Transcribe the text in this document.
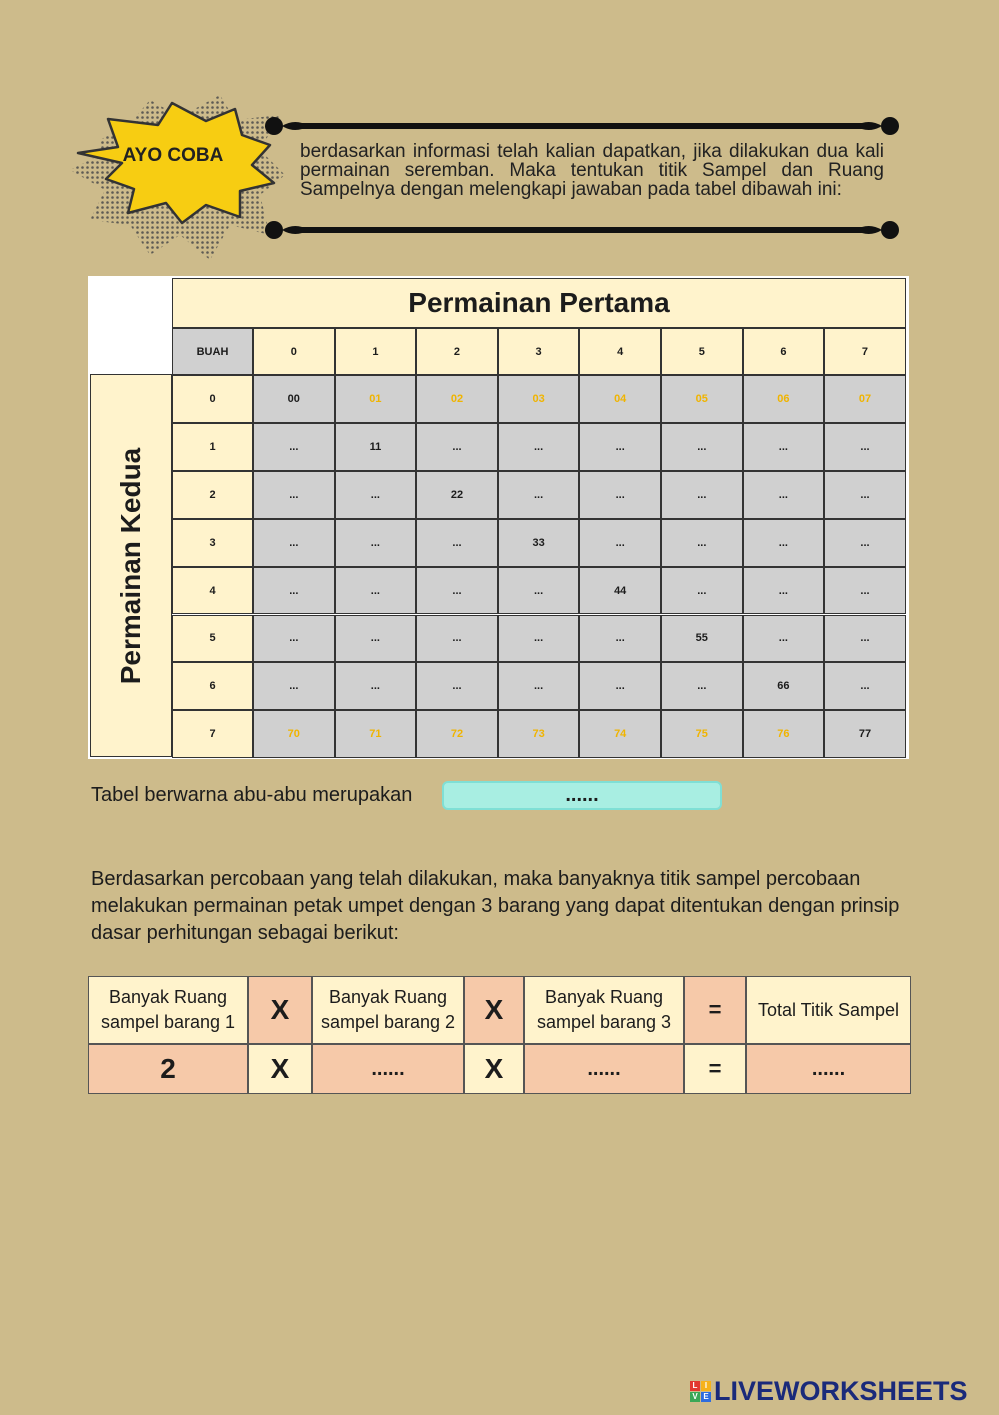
AYO COBA	berdasarkan informasi telah kalian dapatkan, jika dilakukan dua kali permainan seremban. Maka tentukan titik Sampel dan Ruang Sampelnya dengan melengkapi jawaban pada tabel dibawah ini:
Permainan Pertama
BUAH	0	1	2	3	4	5	6	7
0	00	01	02	03	04	05	06	07
1	...	11	...	...	...	...	...	...
2	...	...	22	...	...	...	...	...
3	...	...	...	33	...	...	...	...
4	...	...	...	...	44	...	...	...
5	...	...	...	...	...	55	...	...
6	...	...	...	...	...	...	66	...
7	70	71	72	73	74	75	76	77
Permainan Kedua
Tabel berwarna abu-abu merupakan	......
Berdasarkan percobaan yang telah dilakukan, maka banyaknya titik sampel percobaan melakukan permainan petak umpet dengan 3 barang yang dapat ditentukan dengan prinsip dasar perhitungan sebagai berikut:
Banyak Ruang sampel barang 1	X	Banyak Ruang sampel barang 2	X	Banyak Ruang sampel barang 3	=	Total Titik Sampel
2	X	......	X	......	=	......
L I
V E LIVEWORKSHEETS
